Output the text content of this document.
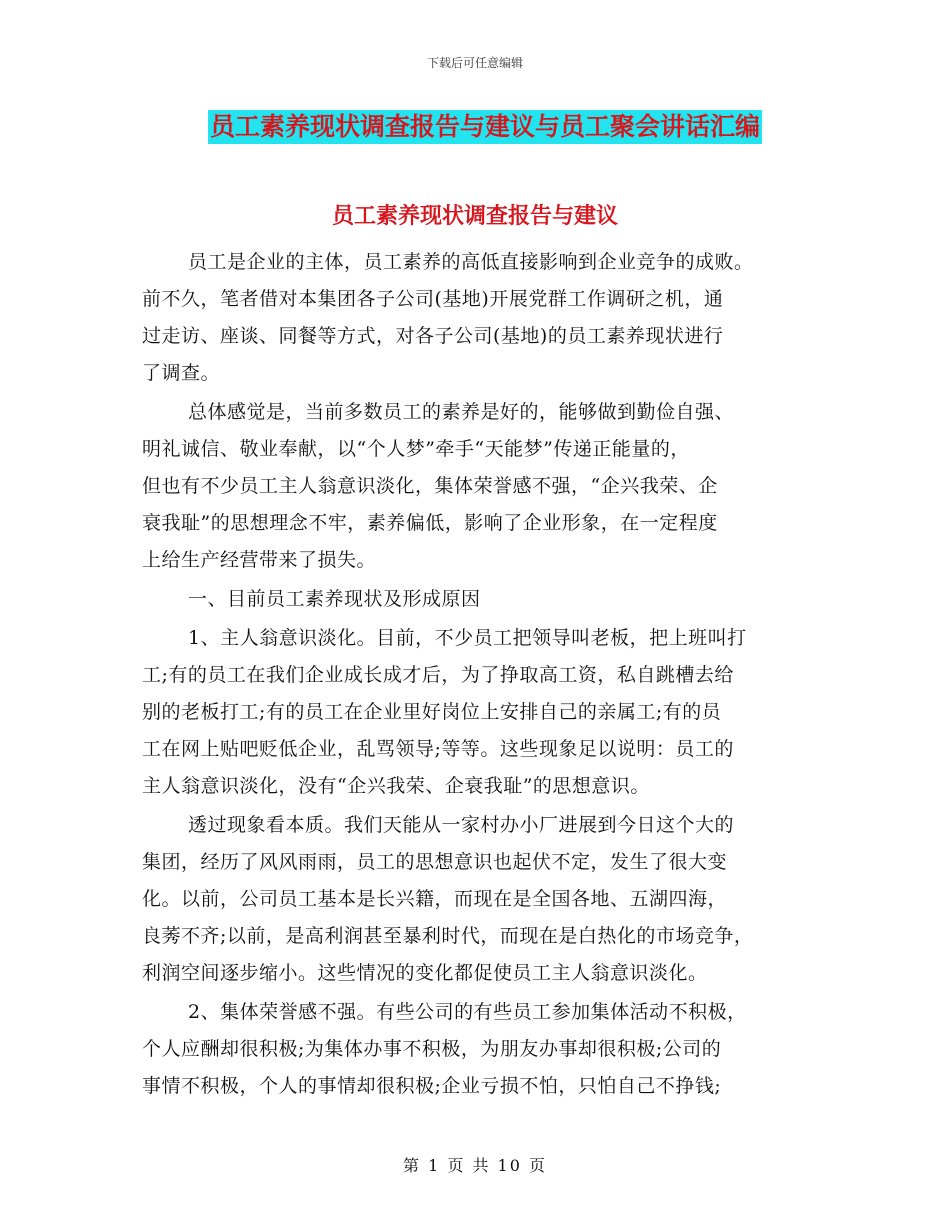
下载后可任意编辑
员工素养现状调查报告与建议与员工聚会讲话汇编
员工素养现状调查报告与建议
员工是企业的主体，员工素养的高低直接影响到企业竞争的成败。
前不久，笔者借对本集团各子公司(基地)开展党群工作调研之机，通
过走访、座谈、同餐等方式，对各子公司(基地)的员工素养现状进行
了调查。
总体感觉是，当前多数员工的素养是好的，能够做到勤俭自强、
明礼诚信、敬业奉献，以“个人梦”牵手“天能梦”传递正能量的，
但也有不少员工主人翁意识淡化，集体荣誉感不强，“企兴我荣、企
衰我耻”的思想理念不牢，素养偏低，影响了企业形象，在一定程度
上给生产经营带来了损失。
一、目前员工素养现状及形成原因
1、主人翁意识淡化。目前，不少员工把领导叫老板，把上班叫打
工;有的员工在我们企业成长成才后，为了挣取高工资，私自跳槽去给
别的老板打工;有的员工在企业里好岗位上安排自己的亲属工;有的员
工在网上贴吧贬低企业，乱骂领导;等等。这些现象足以说明：员工的
主人翁意识淡化，没有“企兴我荣、企衰我耻”的思想意识。
透过现象看本质。我们天能从一家村办小厂进展到今日这个大的
集团，经历了风风雨雨，员工的思想意识也起伏不定，发生了很大变
化。以前，公司员工基本是长兴籍，而现在是全国各地、五湖四海，
良莠不齐;以前，是高利润甚至暴利时代，而现在是白热化的市场竞争，
利润空间逐步缩小。这些情况的变化都促使员工主人翁意识淡化。
2、集体荣誉感不强。有些公司的有些员工参加集体活动不积极，
个人应酬却很积极;为集体办事不积极，为朋友办事却很积极;公司的
事情不积极，个人的事情却很积极;企业亏损不怕，只怕自己不挣钱;
第 1 页 共 10 页
